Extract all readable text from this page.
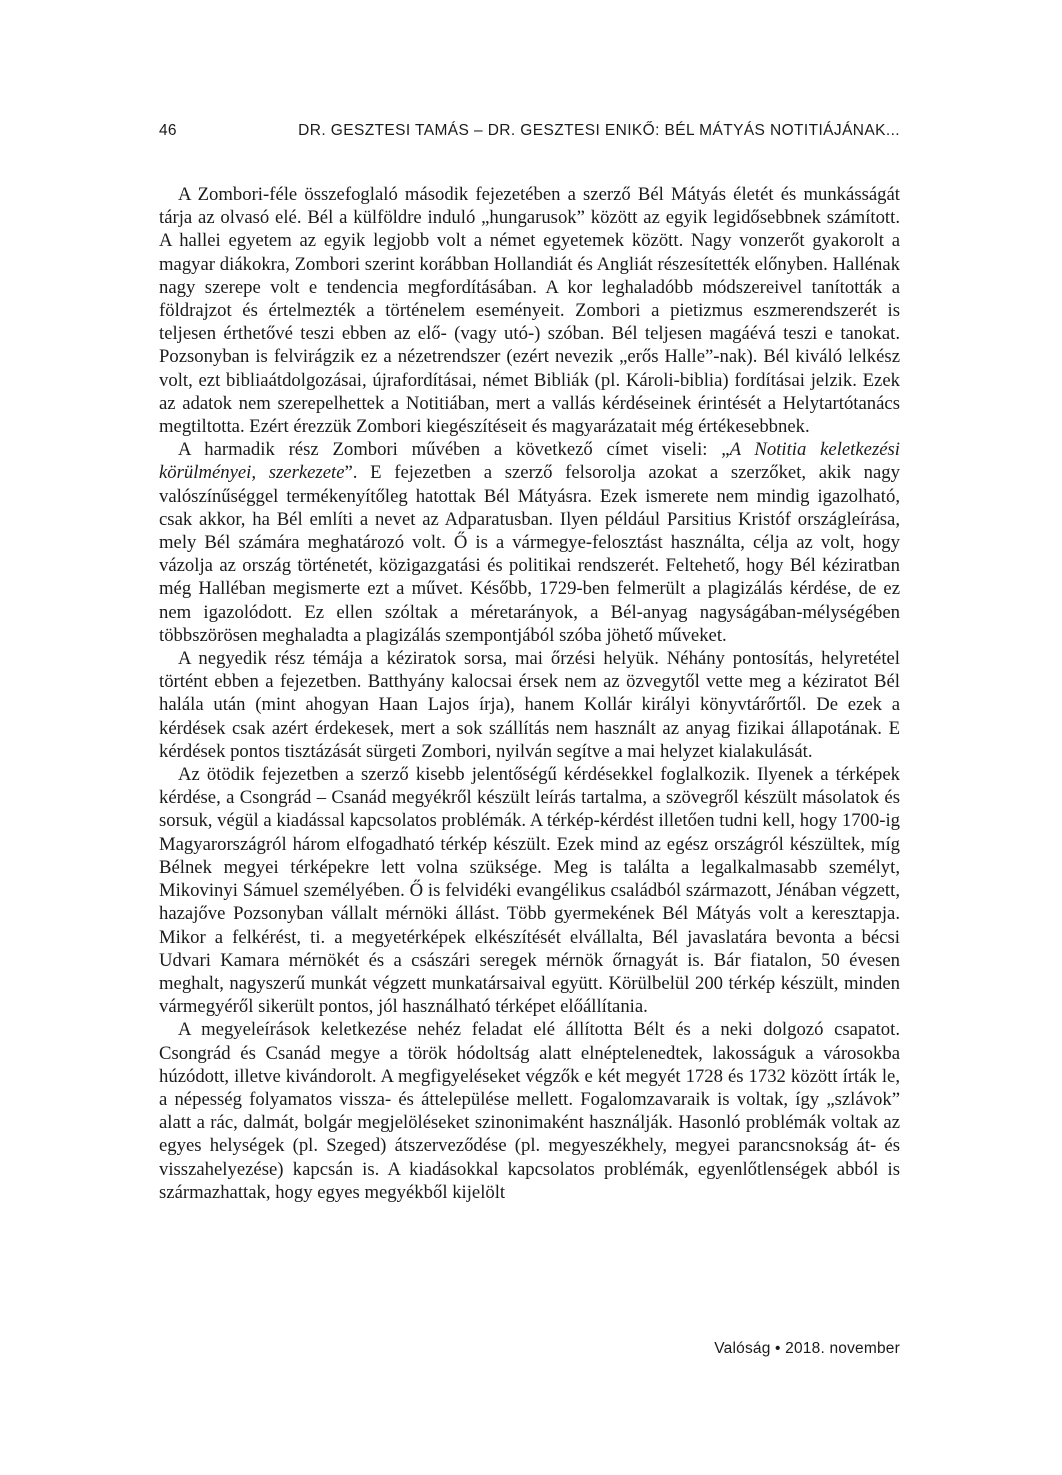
46	DR. GESZTESI TAMÁS – DR. GESZTESI ENIKŐ: BÉL MÁTYÁS NOTITIÁJÁNAK...

A Zombori-féle összefoglaló második fejezetében a szerző Bél Mátyás életét és munkásságát tárja az olvasó elé. Bél a külföldre induló „hungarusok” között az egyik legidősebbnek számított. A hallei egyetem az egyik legjobb volt a német egyetemek között. Nagy vonzerőt gyakorolt a magyar diákokra, Zombori szerint korábban Hollandiát és Angliát részesítették előnyben. Hallénak nagy szerepe volt e tendencia megfordításában. A kor leghaladóbb módszereivel tanították a földrajzot és értelmezték a történelem eseményeit. Zombori a pietizmus eszmerendszerét is teljesen érthetővé teszi ebben az elő- (vagy utó-) szóban. Bél teljesen magáévá teszi e tanokat. Pozsonyban is felvirágzik ez a nézetrendszer (ezért nevezik „erős Halle”-nak). Bél kiváló lelkész volt, ezt bibliaátdolgozásai, újrafordításai, német Bibliák (pl. Károli-biblia) fordításai jelzik. Ezek az adatok nem szerepelhettek a Notitiában, mert a vallás kérdéseinek érintését a Helytartótanács megtiltotta. Ezért érezzük Zombori kiegészítéseit és magyarázatait még értékesebbnek.

A harmadik rész Zombori művében a következő címet viseli: „A Notitia keletkezési körülményei, szerkezete”. E fejezetben a szerző felsorolja azokat a szerzőket, akik nagy valószínűséggel termékenyítőleg hatottak Bél Mátyásra. Ezek ismerete nem mindig igazolható, csak akkor, ha Bél említi a nevet az Adparatusban. Ilyen például Parsitius Kristóf országleírása, mely Bél számára meghatározó volt. Ő is a vármegye-felosztást használta, célja az volt, hogy vázolja az ország történetét, közigazgatási és politikai rendszerét. Feltehető, hogy Bél kéziratban még Halléban megismerte ezt a művet. Később, 1729-ben felmerült a plagizálás kérdése, de ez nem igazolódott. Ez ellen szóltak a méretarányok, a Bél-anyag nagyságában-mélységében többszörösen meghaladta a plagizálás szempontjából szóba jöhető műveket.

A negyedik rész témája a kéziratok sorsa, mai őrzési helyük. Néhány pontosítás, helyretétel történt ebben a fejezetben. Batthyány kalocsai érsek nem az özvegytől vette meg a kéziratot Bél halála után (mint ahogyan Haan Lajos írja), hanem Kollár királyi könyvtárőrtől. De ezek a kérdések csak azért érdekesek, mert a sok szállítás nem használt az anyag fizikai állapotának. E kérdések pontos tisztázását sürgeti Zombori, nyilván segítve a mai helyzet kialakulását.

Az ötödik fejezetben a szerző kisebb jelentőségű kérdésekkel foglalkozik. Ilyenek a térképek kérdése, a Csongrád – Csanád megyékről készült leírás tartalma, a szövegről készült másolatok és sorsuk, végül a kiadással kapcsolatos problémák. A térkép-kérdést illetően tudni kell, hogy 1700-ig Magyarországról három elfogadható térkép készült. Ezek mind az egész országról készültek, míg Bélnek megyei térképekre lett volna szüksége. Meg is találta a legalkalmasabb személyt, Mikovinyi Sámuel személyében. Ő is felvidéki evangélikus családból származott, Jénában végzett, hazajőve Pozsonyban vállalt mérnöki állást. Több gyermekének Bél Mátyás volt a keresztapja. Mikor a felkérést, ti. a megyetérképek elkészítését elvállalta, Bél javaslatára bevonta a bécsi Udvari Kamara mérnökét és a császári seregek mérnök őrnagyát is. Bár fiatalon, 50 évesen meghalt, nagyszerű munkát végzett munkatársaival együtt. Körülbelül 200 térkép készült, minden vármegyéről sikerült pontos, jól használható térképet előállítania.

A megyeleírások keletkezése nehéz feladat elé állította Bélt és a neki dolgozó csapatot. Csongrád és Csanád megye a török hódoltság alatt elnéptelenedtek, lakosságuk a városokba húzódott, illetve kivándorolt. A megfigyeléseket végzők e két megyét 1728 és 1732 között írták le, a népesség folyamatos vissza- és áttelepülése mellett. Fogalomzavaraik is voltak, így „szlávok” alatt a rác, dalmát, bolgár megjelöléseket szinonimaként használják. Hasonló problémák voltak az egyes helységek (pl. Szeged) átszerveződése (pl. megyeszékhely, megyei parancsnokság át- és visszahelyezése) kapcsán is. A kiadásokkal kapcsolatos problémák, egyenlőtlenségek abból is származhattak, hogy egyes megyékből kijelölt

Valóság • 2018. november
